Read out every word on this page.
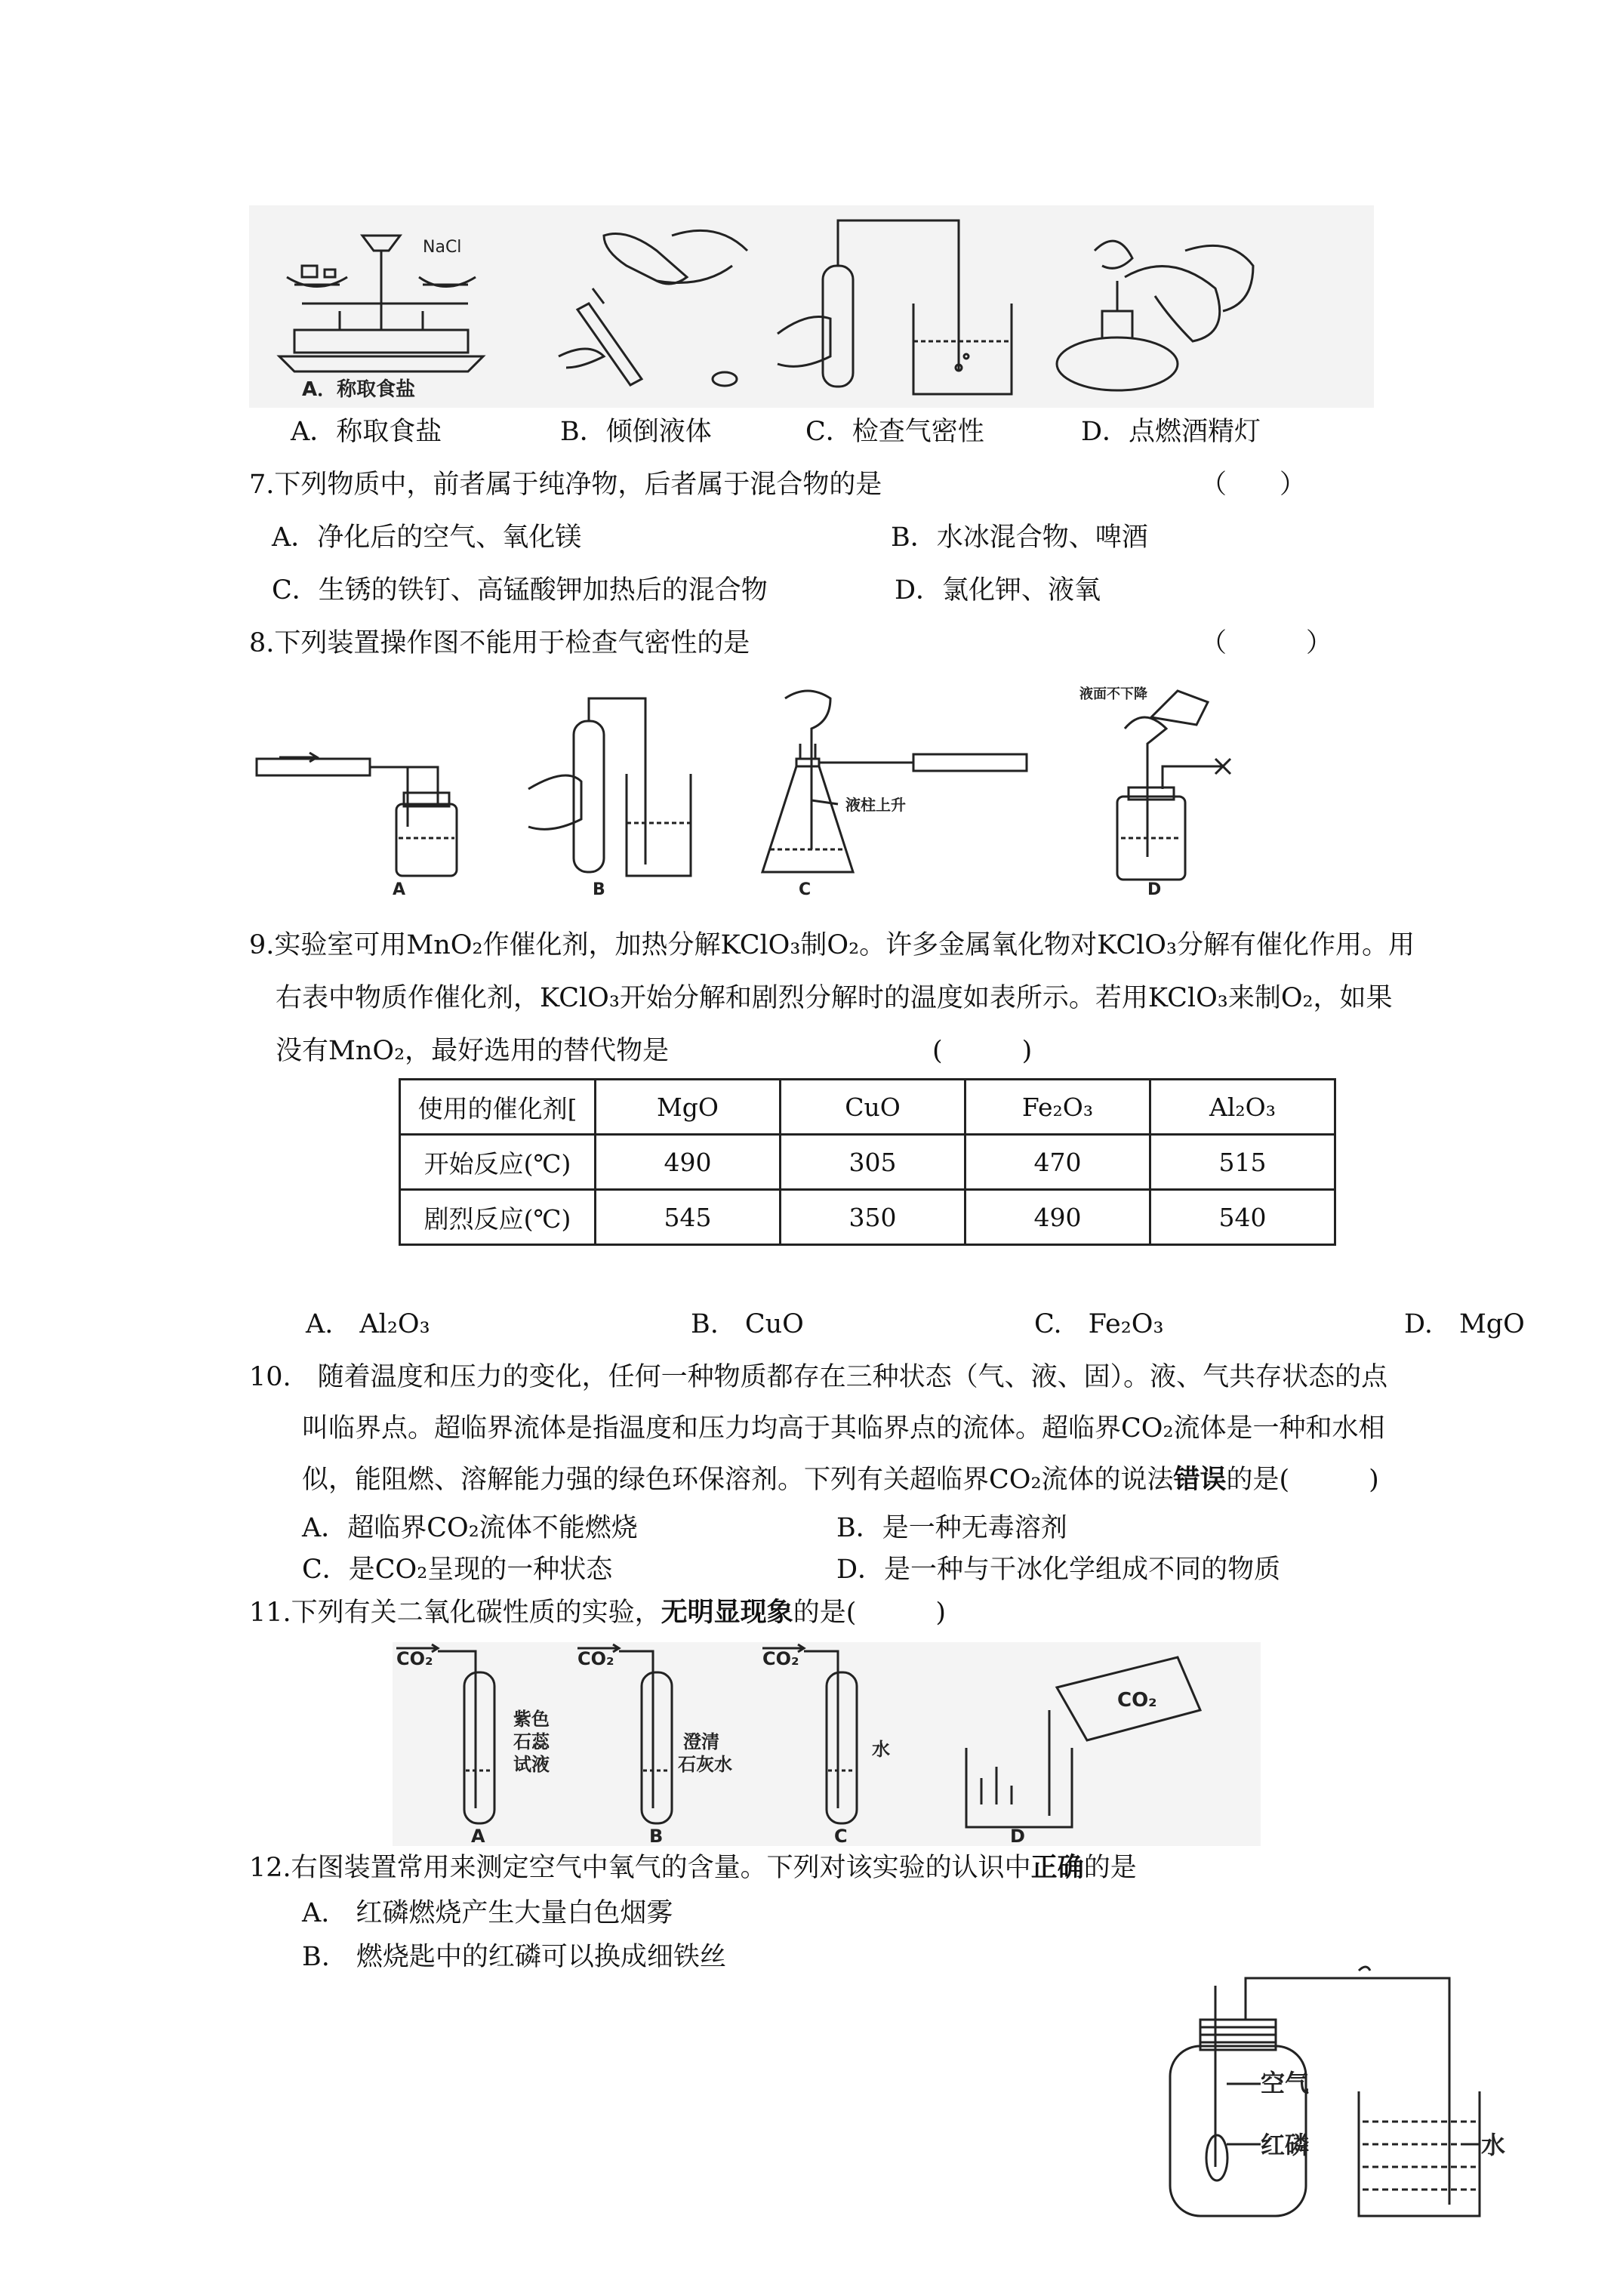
NaCl
A．称取食盐
A．称取食盐	B．倾倒液体	C．检查气密性	D．点燃酒精灯
7.下列物质中，前者属于纯净物，后者属于混合物的是	（　　）
A．净化后的空气、氧化镁	B．水冰混合物、啤酒
C．生锈的铁钉、高锰酸钾加热后的混合物	D．氯化钾、液氧
8.下列装置操作图不能用于检查气密性的是	（　　　）
A	B
液柱上升
C
液面不下降
D
9.实验室可用MnO₂作催化剂，加热分解KClO₃制O₂。许多金属氧化物对KClO₃分解有催化作用。用
右表中物质作催化剂，KClO₃开始分解和剧烈分解时的温度如表所示。若用KClO₃来制O₂，如果
没有MnO₂，最好选用的替代物是	(　　　)
使用的催化剂[	MgO	CuO	Fe₂O₃	Al₂O₃
开始反应(℃)	490	305	470	515
剧烈反应(℃)	545	350	490	540
A.　Al₂O₃	B.　CuO	C.　Fe₂O₃	D.　MgO
10.　随着温度和压力的变化，任何一种物质都存在三种状态（气、液、固）。液、气共存状态的点
叫临界点。超临界流体是指温度和压力均高于其临界点的流体。超临界CO₂流体是一种和水相
似，能阻燃、溶解能力强的绿色环保溶剂。下列有关超临界CO₂流体的说法错误的是(　　　)
A．超临界CO₂流体不能燃烧	B．是一种无毒溶剂
C．是CO₂呈现的一种状态	D．是一种与干冰化学组成不同的物质
11.下列有关二氧化碳性质的实验，无明显现象的是(　　　)
CO₂
紫色
石蕊
试液
A
CO₂
澄清
石灰水
B
CO₂
水
C
CO₂
D
12.右图装置常用来测定空气中氧气的含量。下列对该实验的认识中正确的是
A.　红磷燃烧产生大量白色烟雾
B.　燃烧匙中的红磷可以换成细铁丝
空气
红磷	水
